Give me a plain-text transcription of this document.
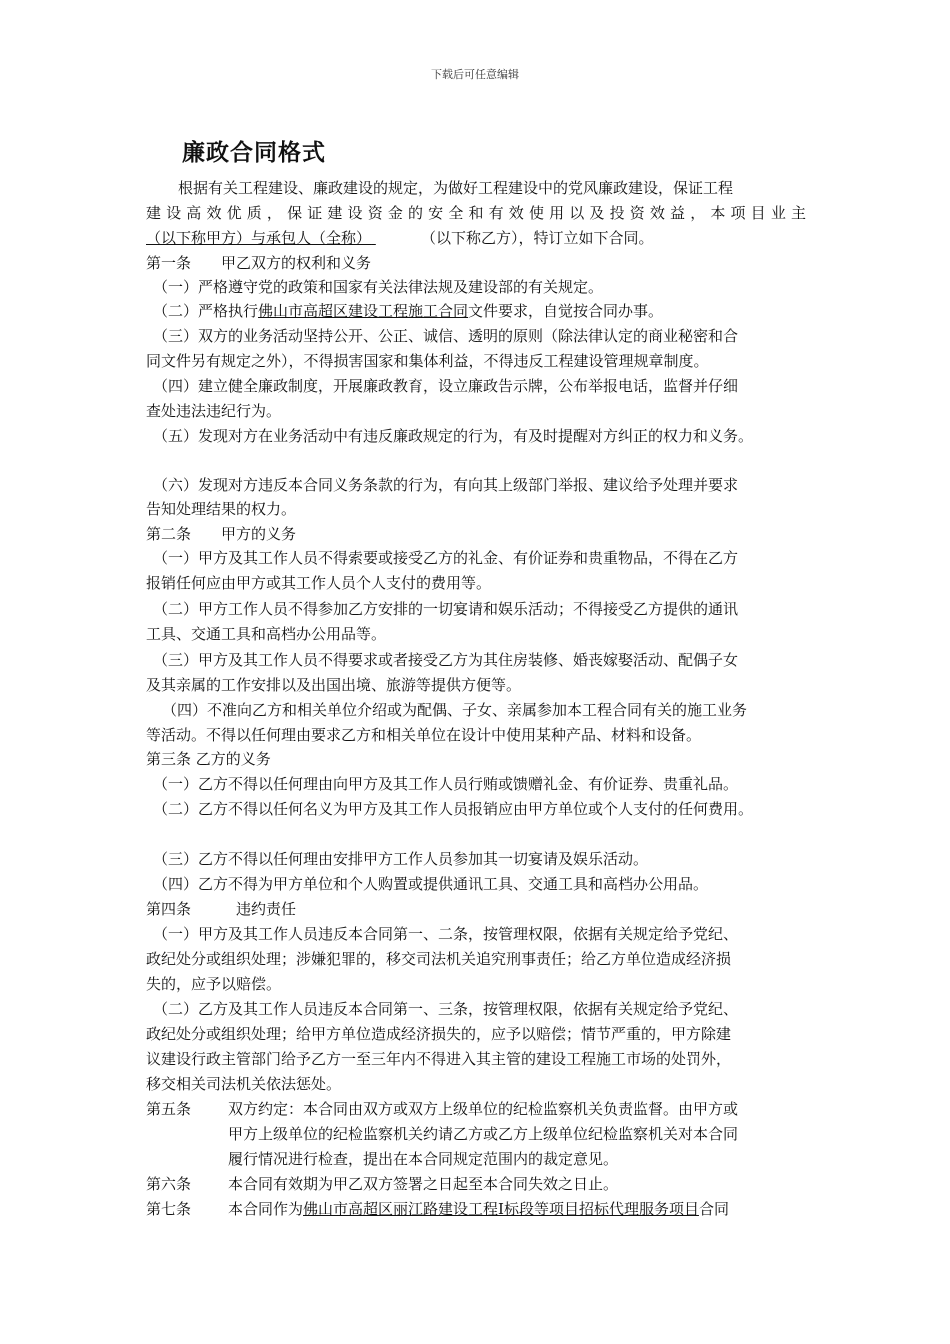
下载后可任意编辑
廉政合同格式
根据有关工程建设、廉政建设的规定，为做好工程建设中的党风廉政建设，保证工程
建设高效优质，保证建设资金的安全和有效使用以及投资效益，本项目业主
（以下称甲方）与承包人（全称）	（以下称乙方），特订立如下合同。
第一条　　甲乙双方的权利和义务
（一）严格遵守党的政策和国家有关法律法规及建设部的有关规定。
（二）严格执行佛山市高超区建设工程施工合同文件要求，自觉按合同办事。
（三）双方的业务活动坚持公开、公正、诚信、透明的原则（除法律认定的商业秘密和合
同文件另有规定之外），不得损害国家和集体利益，不得违反工程建设管理规章制度。
（四）建立健全廉政制度，开展廉政教育，设立廉政告示牌，公布举报电话，监督并仔细
查处违法违纪行为。
（五）发现对方在业务活动中有违反廉政规定的行为，有及时提醒对方纠正的权力和义务。
（六）发现对方违反本合同义务条款的行为，有向其上级部门举报、建议给予处理并要求
告知处理结果的权力。
第二条　　甲方的义务
（一）甲方及其工作人员不得索要或接受乙方的礼金、有价证券和贵重物品，不得在乙方
报销任何应由甲方或其工作人员个人支付的费用等。
（二）甲方工作人员不得参加乙方安排的一切宴请和娱乐活动；不得接受乙方提供的通讯
工具、交通工具和高档办公用品等。
（三）甲方及其工作人员不得要求或者接受乙方为其住房装修、婚丧嫁娶活动、配偶子女
及其亲属的工作安排以及出国出境、旅游等提供方便等。
（四）不准向乙方和相关单位介绍或为配偶、子女、亲属参加本工程合同有关的施工业务
等活动。不得以任何理由要求乙方和相关单位在设计中使用某种产品、材料和设备。
第三条 乙方的义务
（一）乙方不得以任何理由向甲方及其工作人员行贿或馈赠礼金、有价证券、贵重礼品。
（二）乙方不得以任何名义为甲方及其工作人员报销应由甲方单位或个人支付的任何费用。
（三）乙方不得以任何理由安排甲方工作人员参加其一切宴请及娱乐活动。
（四）乙方不得为甲方单位和个人购置或提供通讯工具、交通工具和高档办公用品。
第四条　　　违约责任
（一）甲方及其工作人员违反本合同第一、二条，按管理权限，依据有关规定给予党纪、
政纪处分或组织处理；涉嫌犯罪的，移交司法机关追究刑事责任；给乙方单位造成经济损
失的，应予以赔偿。
（二）乙方及其工作人员违反本合同第一、三条，按管理权限，依据有关规定给予党纪、
政纪处分或组织处理；给甲方单位造成经济损失的，应予以赔偿；情节严重的，甲方除建
议建设行政主管部门给予乙方一至三年内不得进入其主管的建设工程施工市场的处罚外，
移交相关司法机关依法惩处。
第五条 双方约定：本合同由双方或双方上级单位的纪检监察机关负责监督。由甲方或
甲方上级单位的纪检监察机关约请乙方或乙方上级单位纪检监察机关对本合同
履行情况进行检查，提出在本合同规定范围内的裁定意见。
第六条 本合同有效期为甲乙双方签署之日起至本合同失效之日止。
第七条 本合同作为佛山市高超区丽江路建设工程Ⅰ标段等项目招标代理服务项目合同
